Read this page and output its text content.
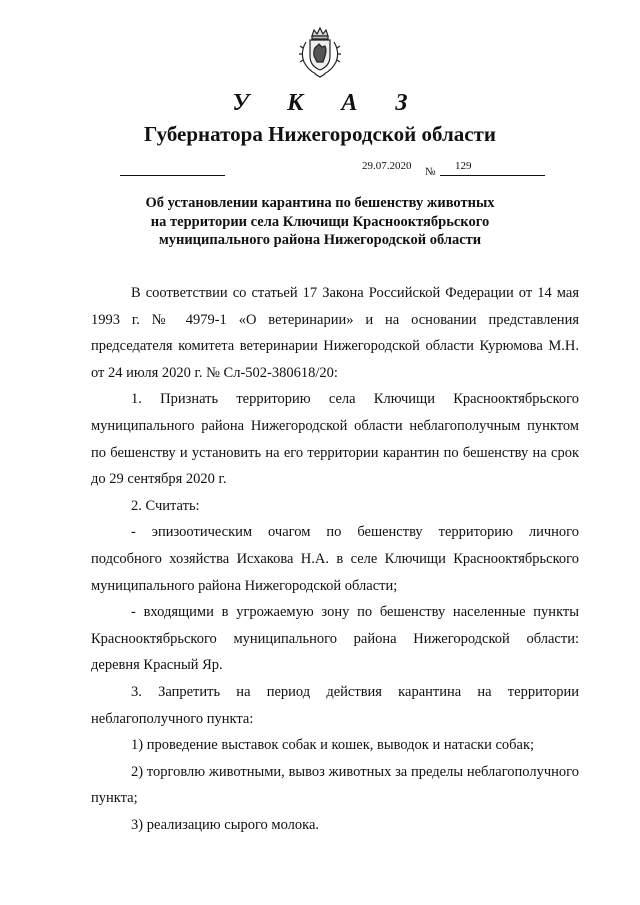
У К А З
Губернатора Нижегородской области
29.07.2020 № 129
Об установлении карантина по бешенству животных на территории села Ключищи Краснооктябрьского муниципального района Нижегородской области

В соответствии со статьей 17 Закона Российской Федерации от 14 мая 1993 г. № 4979-1 «О ветеринарии» и на основании представления председателя комитета ветеринарии Нижегородской области Курюмова М.Н. от 24 июля 2020 г. № Сл-502-380618/20:

1. Признать территорию села Ключищи Краснооктябрьского муниципального района Нижегородской области неблагополучным пунктом по бешенству и установить на его территории карантин по бешенству на срок до 29 сентября 2020 г.

2. Считать:

- эпизоотическим очагом по бешенству территорию личного подсобного хозяйства Исхакова Н.А. в селе Ключищи Краснооктябрьского муниципального района Нижегородской области;

- входящими в угрожаемую зону по бешенству населенные пункты Краснооктябрьского муниципального района Нижегородской области: деревня Красный Яр.

3. Запретить на период действия карантина на территории неблагополучного пункта:

1) проведение выставок собак и кошек, выводок и натаски собак;

2) торговлю животными, вывоз животных за пределы неблагополучного пункта;

3) реализацию сырого молока.
